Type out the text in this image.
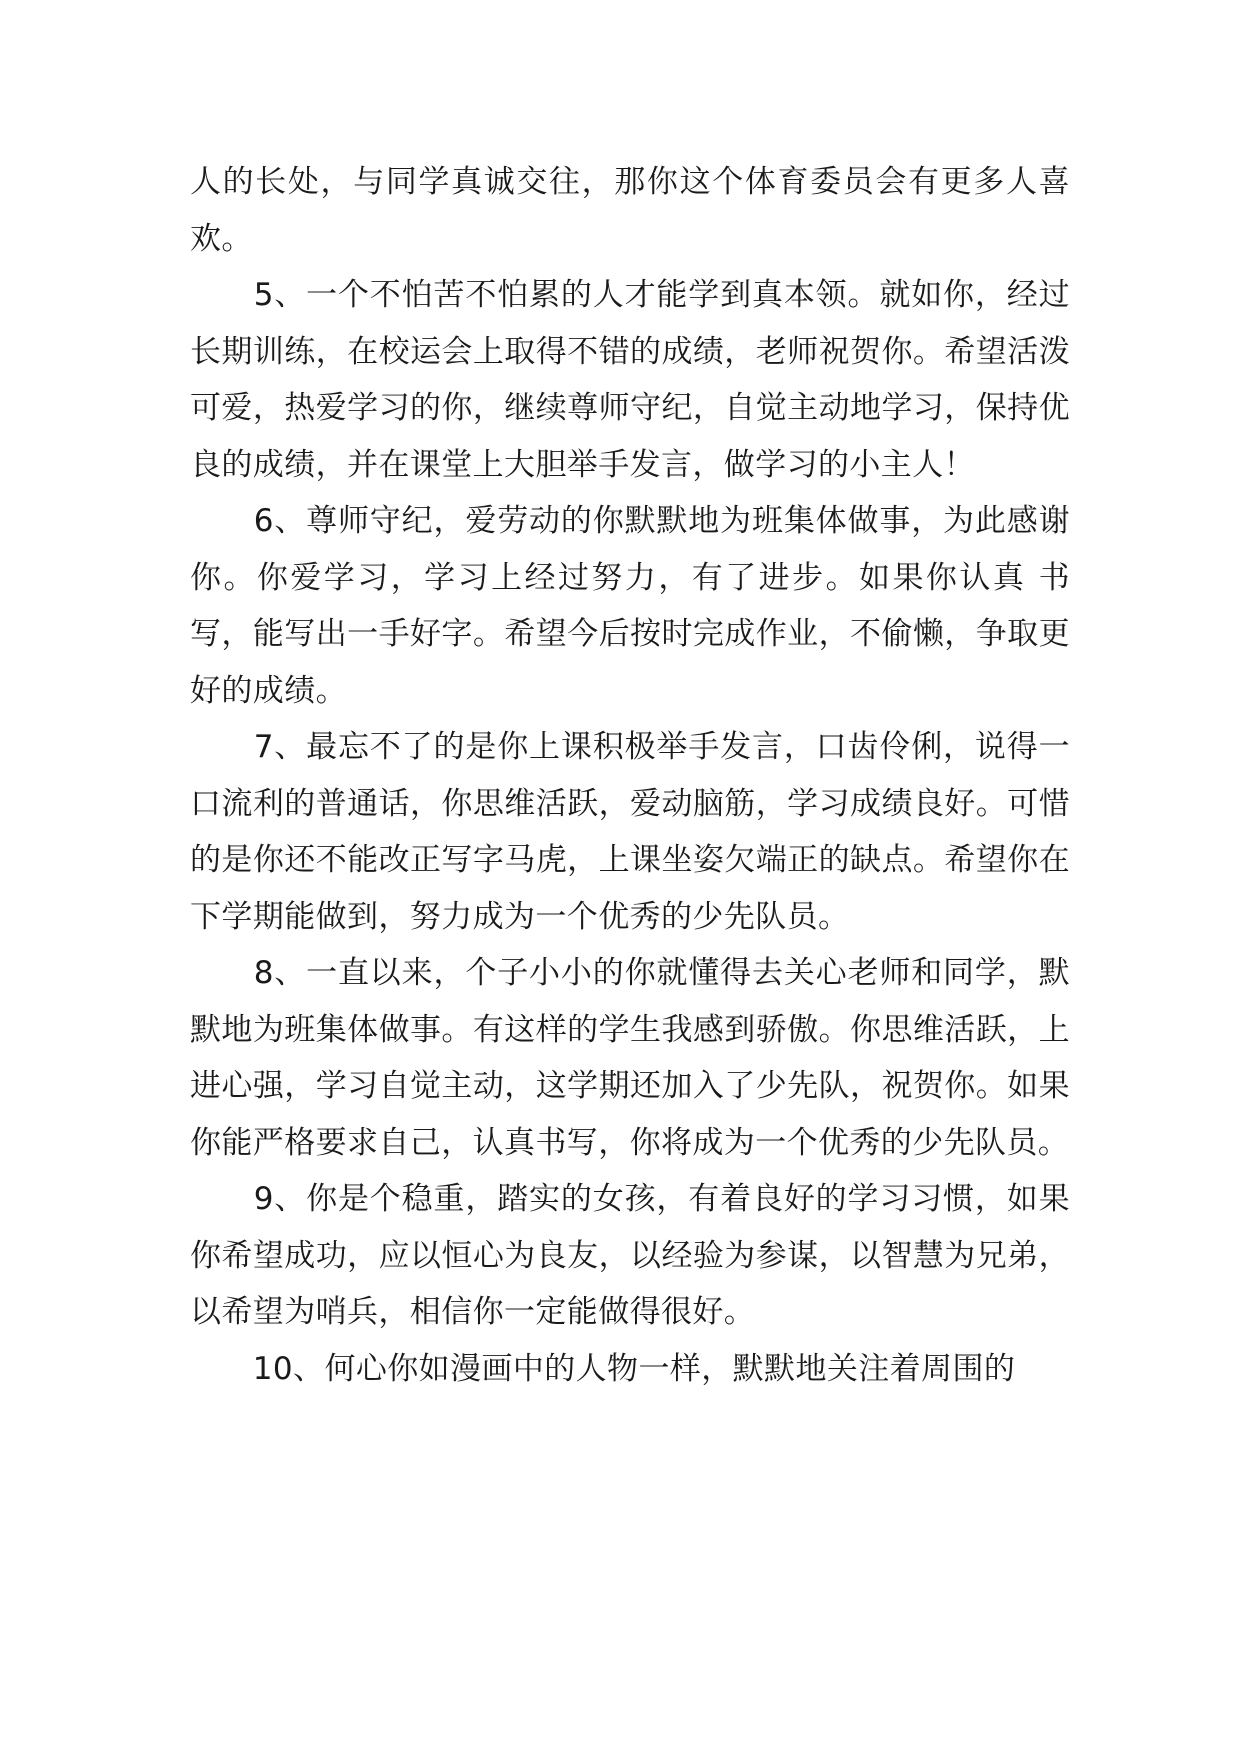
人的长处，与同学真诚交往，那你这个体育委员会有更多人喜欢。

　　5、一个不怕苦不怕累的人才能学到真本领。就如你，经过长期训练，在校运会上取得不错的成绩，老师祝贺你。希望活泼可爱，热爱学习的你，继续尊师守纪，自觉主动地学习，保持优良的成绩，并在课堂上大胆举手发言，做学习的小主人！

　　6、尊师守纪，爱劳动的你默默地为班集体做事，为此感谢你。你爱学习，学习上经过努力，有了进步。如果你认真 书写，能写出一手好字。希望今后按时完成作业，不偷懒，争取更好的成绩。

　　7、最忘不了的是你上课积极举手发言，口齿伶俐，说得一口流利的普通话，你思维活跃，爱动脑筋，学习成绩良好。可惜的是你还不能改正写字马虎，上课坐姿欠端正的缺点。希望你在下学期能做到，努力成为一个优秀的少先队员。

　　8、一直以来，个子小小的你就懂得去关心老师和同学，默默地为班集体做事。有这样的学生我感到骄傲。你思维活跃，上进心强，学习自觉主动，这学期还加入了少先队，祝贺你。如果你能严格要求自己，认真书写，你将成为一个优秀的少先队员。

　　9、你是个稳重，踏实的女孩，有着良好的学习习惯，如果你希望成功，应以恒心为良友，以经验为参谋，以智慧为兄弟，以希望为哨兵，相信你一定能做得很好。

　　10、何心你如漫画中的人物一样，默默地关注着周围的
